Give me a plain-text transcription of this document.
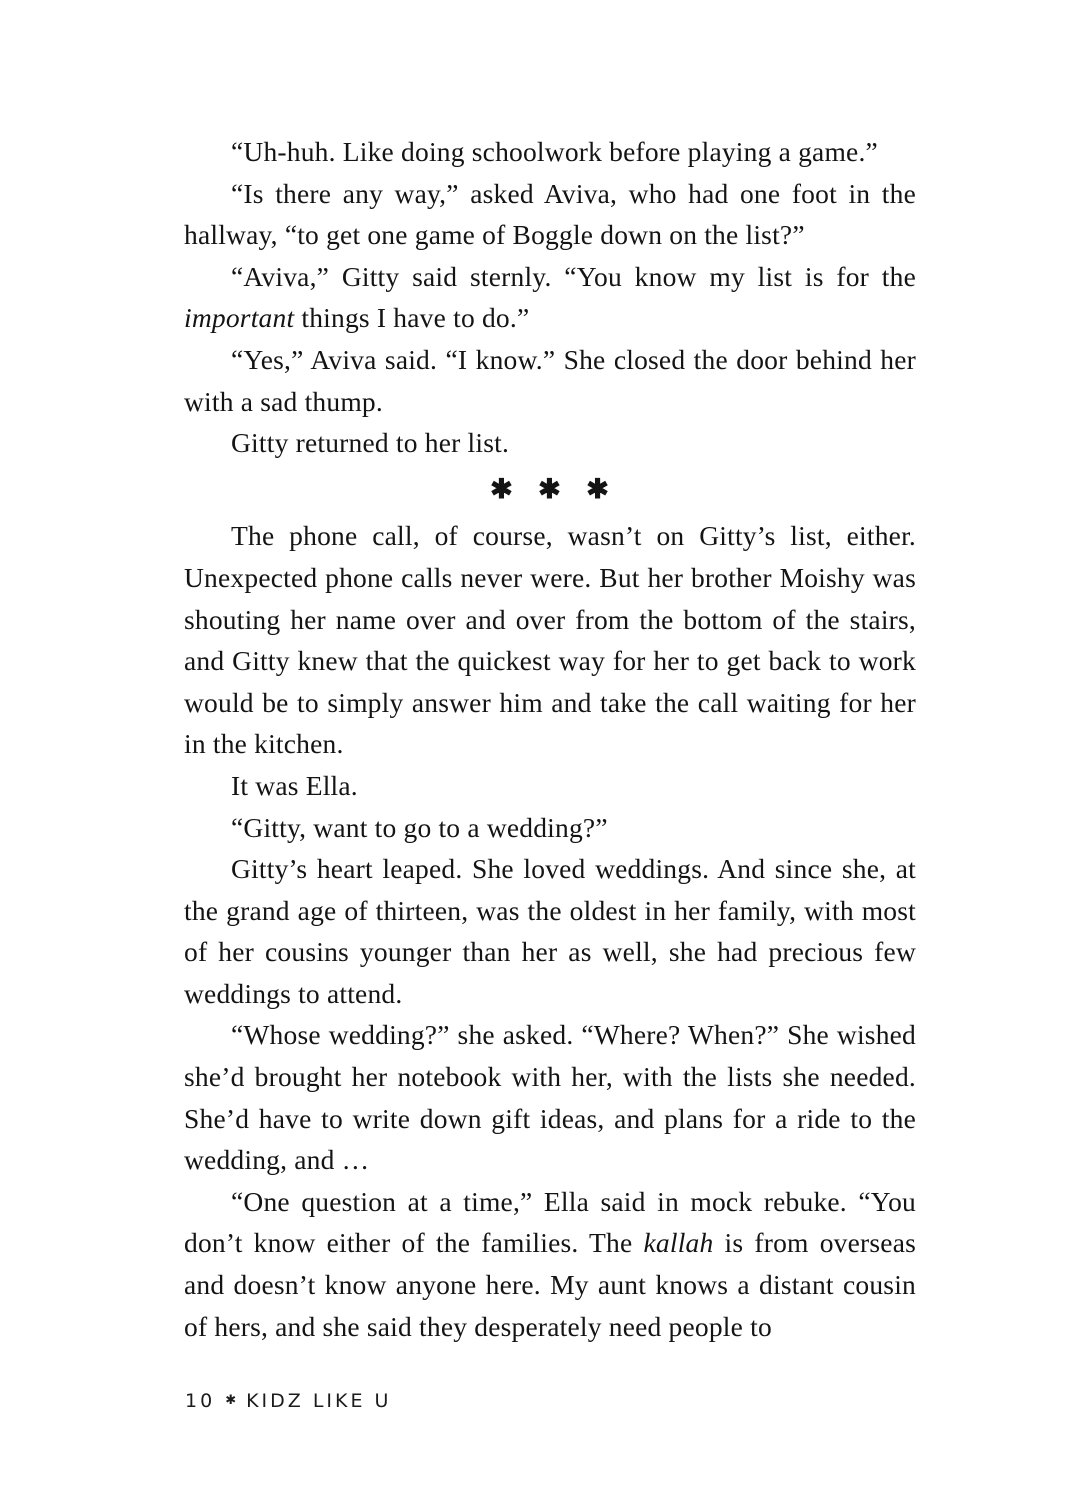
“Uh-huh. Like doing schoolwork before playing a game.”

“Is there any way,” asked Aviva, who had one foot in the hallway, “to get one game of Boggle down on the list?”

“Aviva,” Gitty said sternly. “You know my list is for the important things I have to do.”

“Yes,” Aviva said. “I know.” She closed the door behind her with a sad thump.

Gitty returned to her list.

✱ ✱ ✱

The phone call, of course, wasn’t on Gitty’s list, either. Unexpected phone calls never were. But her brother Moishy was shouting her name over and over from the bottom of the stairs, and Gitty knew that the quickest way for her to get back to work would be to simply answer him and take the call waiting for her in the kitchen.

It was Ella.

“Gitty, want to go to a wedding?”

Gitty’s heart leaped. She loved weddings. And since she, at the grand age of thirteen, was the oldest in her family, with most of her cousins younger than her as well, she had precious few weddings to attend.

“Whose wedding?” she asked. “Where? When?” She wished she’d brought her notebook with her, with the lists she needed. She’d have to write down gift ideas, and plans for a ride to the wedding, and …

“One question at a time,” Ella said in mock rebuke. “You don’t know either of the families. The kallah is from overseas and doesn’t know anyone here. My aunt knows a distant cousin of hers, and she said they desperately need people to

10 ✱ KIDZ LIKE U
